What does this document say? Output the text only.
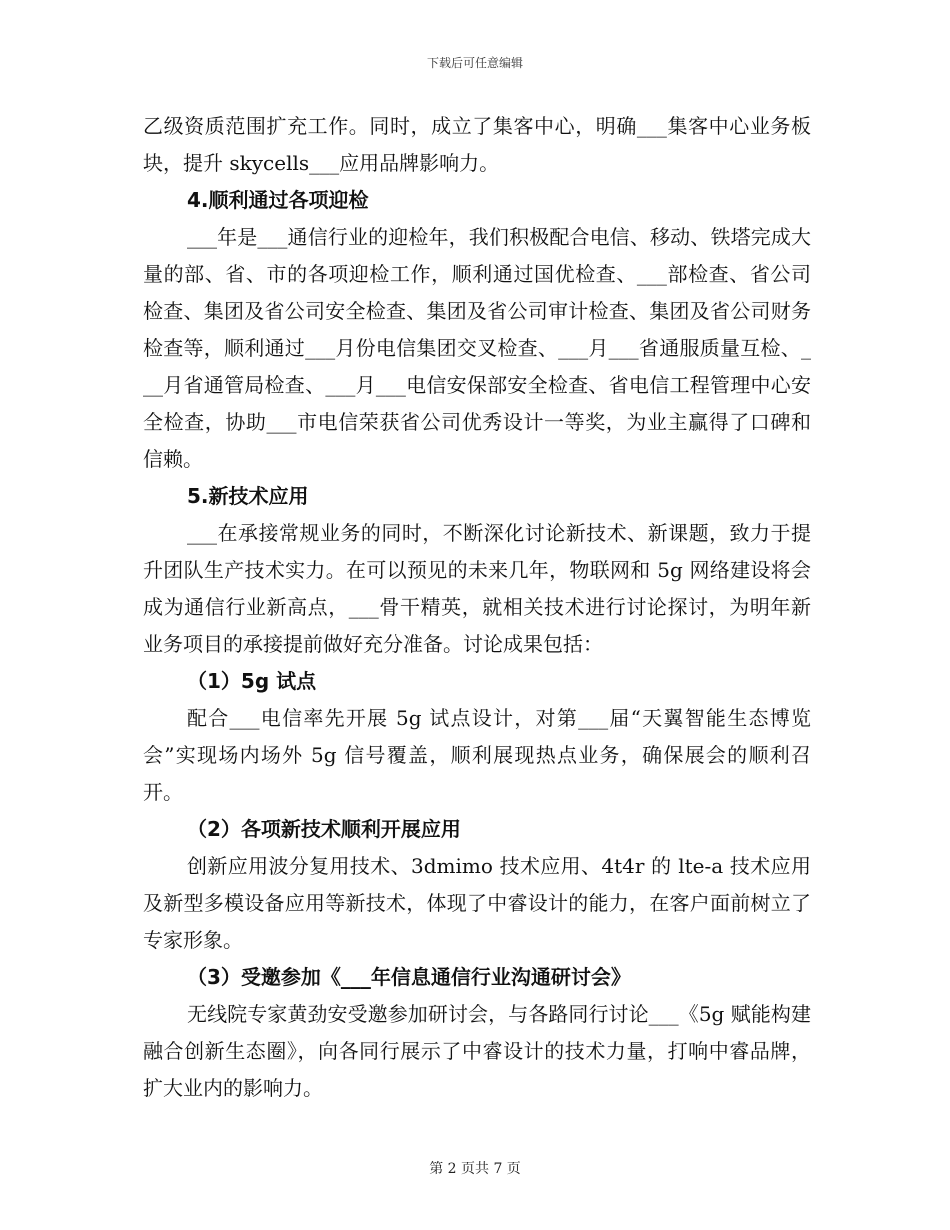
下载后可任意编辑

乙级资质范围扩充工作。同时，成立了集客中心，明确___集客中心业务板块，提升 skycells___应用品牌影响力。

4.顺利通过各项迎检

___年是___通信行业的迎检年，我们积极配合电信、移动、铁塔完成大量的部、省、市的各项迎检工作，顺利通过国优检查、___部检查、省公司检查、集团及省公司安全检查、集团及省公司审计检查、集团及省公司财务检查等，顺利通过___月份电信集团交叉检查、___月___省通服质量互检、___月省通管局检查、___月___电信安保部安全检查、省电信工程管理中心安全检查，协助___市电信荣获省公司优秀设计一等奖，为业主赢得了口碑和信赖。

5.新技术应用

___在承接常规业务的同时，不断深化讨论新技术、新课题，致力于提升团队生产技术实力。在可以预见的未来几年，物联网和 5g 网络建设将会成为通信行业新高点，___骨干精英，就相关技术进行讨论探讨，为明年新业务项目的承接提前做好充分准备。讨论成果包括：

（1）5g 试点

配合___电信率先开展 5g 试点设计，对第___届“天翼智能生态博览会”实现场内场外 5g 信号覆盖，顺利展现热点业务，确保展会的顺利召开。

（2）各项新技术顺利开展应用

创新应用波分复用技术、3dmimo 技术应用、4t4r 的 lte-a 技术应用及新型多模设备应用等新技术，体现了中睿设计的能力，在客户面前树立了专家形象。

（3）受邀参加《___年信息通信行业沟通研讨会》

无线院专家黄劲安受邀参加研讨会，与各路同行讨论___《5g 赋能构建融合创新生态圈》，向各同行展示了中睿设计的技术力量，打响中睿品牌，扩大业内的影响力。

第 2 页共 7 页
